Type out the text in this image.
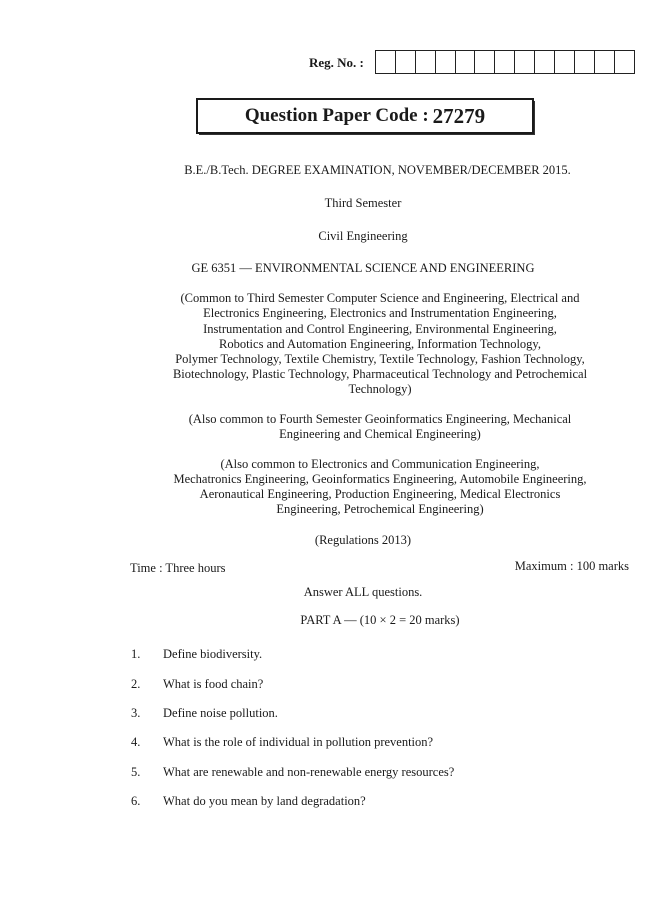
Reg. No. :
Question Paper Code : 27279
B.E./B.Tech. DEGREE EXAMINATION, NOVEMBER/DECEMBER 2015.
Third Semester
Civil Engineering
GE 6351 — ENVIRONMENTAL SCIENCE AND ENGINEERING
(Common to Third Semester Computer Science and Engineering, Electrical and
Electronics Engineering, Electronics and Instrumentation Engineering,
Instrumentation and Control Engineering, Environmental Engineering,
Robotics and Automation Engineering, Information Technology,
Polymer Technology, Textile Chemistry, Textile Technology, Fashion Technology,
Biotechnology, Plastic Technology, Pharmaceutical Technology and Petrochemical
Technology)
(Also common to Fourth Semester Geoinformatics Engineering, Mechanical
Engineering and Chemical Engineering)
(Also common to Electronics and Communication Engineering,
Mechatronics Engineering, Geoinformatics Engineering, Automobile Engineering,
Aeronautical Engineering, Production Engineering, Medical Electronics
Engineering, Petrochemical Engineering)
(Regulations 2013)
Time : Three hours	Maximum : 100 marks
Answer ALL questions.
PART A — (10 × 2 = 20 marks)
1. Define biodiversity.
2. What is food chain?
3. Define noise pollution.
4. What is the role of individual in pollution prevention?
5. What are renewable and non-renewable energy resources?
6. What do you mean by land degradation?
